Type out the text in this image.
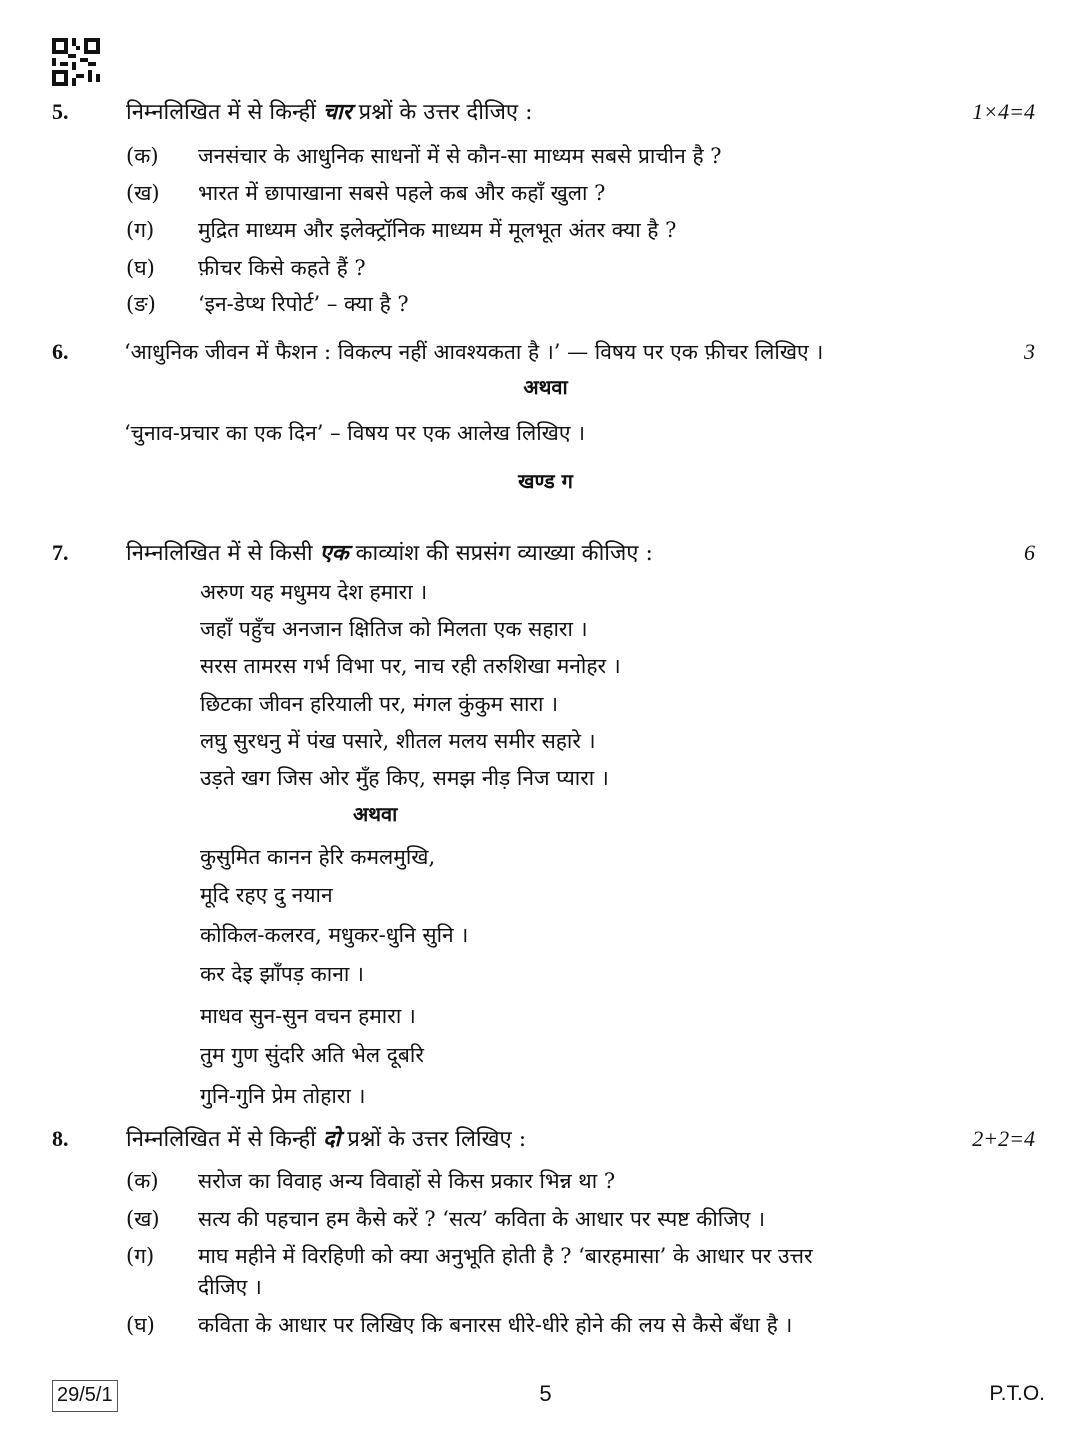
5.	निम्नलिखित में से किन्हीं चार प्रश्नों के उत्तर दीजिए :	1×4=4
(क) जनसंचार के आधुनिक साधनों में से कौन-सा माध्यम सबसे प्राचीन है ?
(ख) भारत में छापाखाना सबसे पहले कब और कहाँ खुला ?
(ग) मुद्रित माध्यम और इलेक्ट्रॉनिक माध्यम में मूलभूत अंतर क्या है ?
(घ) फ़ीचर किसे कहते हैं ?
(ङ) ‘इन-डेप्थ रिपोर्ट’ – क्या है ?
6.	‘आधुनिक जीवन में फैशन : विकल्प नहीं आवश्यकता है ।’ — विषय पर एक फ़ीचर लिखिए ।	3
अथवा
‘चुनाव-प्रचार का एक दिन’ – विषय पर एक आलेख लिखिए ।
खण्ड ग
7.	निम्नलिखित में से किसी एक काव्यांश की सप्रसंग व्याख्या कीजिए :	6
अरुण यह मधुमय देश हमारा ।
जहाँ पहुँच अनजान क्षितिज को मिलता एक सहारा ।
सरस तामरस गर्भ विभा पर, नाच रही तरुशिखा मनोहर ।
छिटका जीवन हरियाली पर, मंगल कुंकुम सारा ।
लघु सुरधनु में पंख पसारे, शीतल मलय समीर सहारे ।
उड़ते खग जिस ओर मुँह किए, समझ नीड़ निज प्यारा ।
अथवा
कुसुमित कानन हेरि कमलमुखि,
मूदि रहए दु नयान
कोकिल-कलरव, मधुकर-धुनि सुनि ।
कर देइ झाँपड़ काना ।
माधव सुन-सुन वचन हमारा ।
तुम गुण सुंदरि अति भेल दूबरि
गुनि-गुनि प्रेम तोहारा ।
8.	निम्नलिखित में से किन्हीं दो प्रश्नों के उत्तर लिखिए :	2+2=4
(क) सरोज का विवाह अन्य विवाहों से किस प्रकार भिन्न था ?
(ख) सत्य की पहचान हम कैसे करें ? ‘सत्य’ कविता के आधार पर स्पष्ट कीजिए ।
(ग) माघ महीने में विरहिणी को क्या अनुभूति होती है ? ‘बारहमासा’ के आधार पर उत्तर
दीजिए ।
29/5/1	5	P.T.O.
(घ) कविता के आधार पर लिखिए कि बनारस धीरे-धीरे होने की लय से कैसे बँधा है ।
